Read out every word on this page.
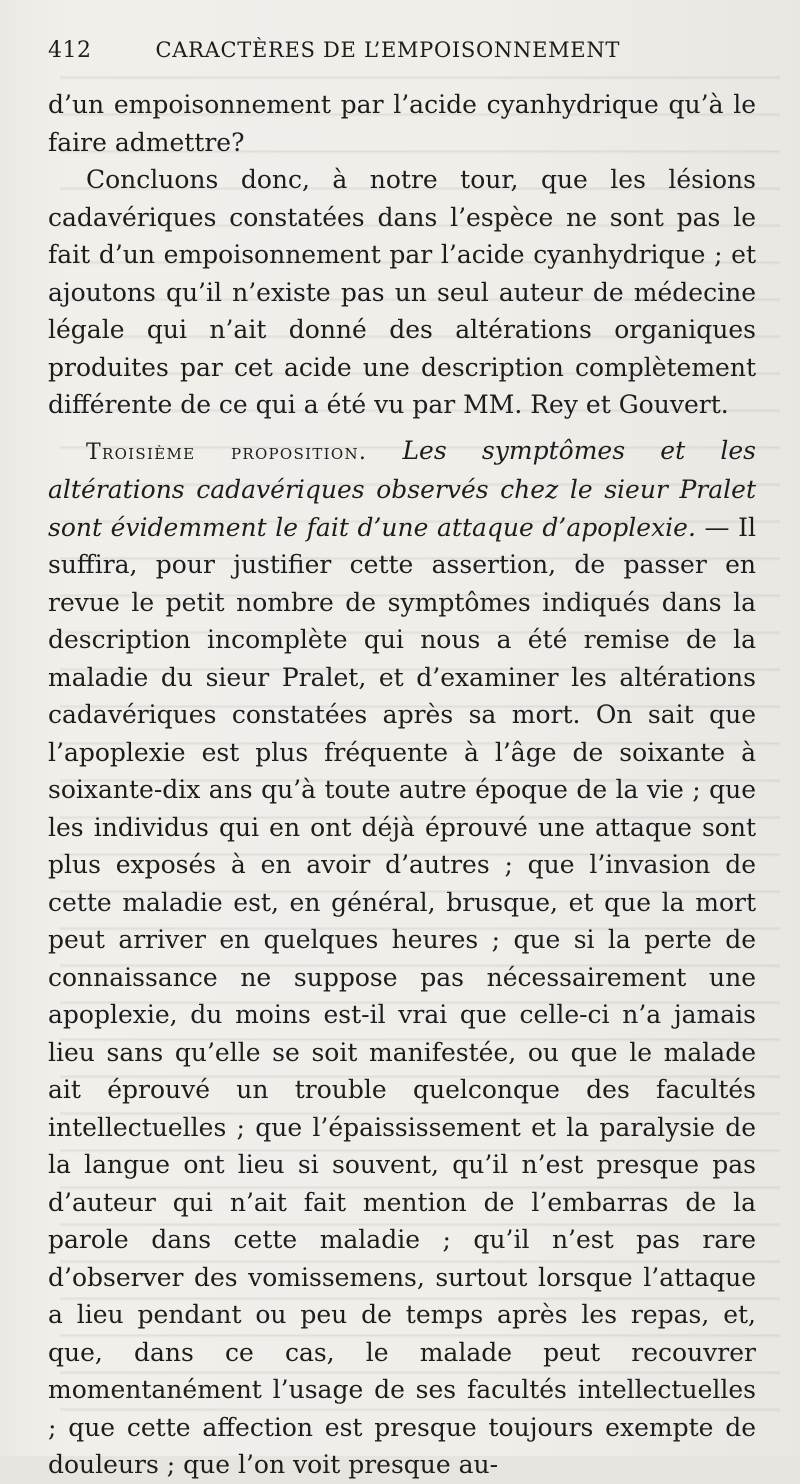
412	CARACTÈRES DE L’EMPOISONNEMENT

d’un empoisonnement par l’acide cyanhydrique qu’à le faire admettre?

Concluons donc, à notre tour, que les lésions cadavériques constatées dans l’espèce ne sont pas le fait d’un empoisonnement par l’acide cyanhydrique ; et ajoutons qu’il n’existe pas un seul auteur de médecine légale qui n’ait donné des altérations organiques produites par cet acide une description complètement différente de ce qui a été vu par MM. Rey et Gouvert.

Troisième proposition. Les symptômes et les altérations cadavériques observés chez le sieur Pralet sont évidemment le fait d’une attaque d’apoplexie. — Il suffira, pour justifier cette assertion, de passer en revue le petit nombre de symptômes indiqués dans la description incomplète qui nous a été remise de la maladie du sieur Pralet, et d’examiner les altérations cadavériques constatées après sa mort. On sait que l’apoplexie est plus fréquente à l’âge de soixante à soixante-dix ans qu’à toute autre époque de la vie ; que les individus qui en ont déjà éprouvé une attaque sont plus exposés à en avoir d’autres ; que l’invasion de cette maladie est, en général, brusque, et que la mort peut arriver en quelques heures ; que si la perte de connaissance ne suppose pas nécessairement une apoplexie, du moins est-il vrai que celle-ci n’a jamais lieu sans qu’elle se soit manifestée, ou que le malade ait éprouvé un trouble quelconque des facultés intellectuelles ; que l’épaississement et la paralysie de la langue ont lieu si souvent, qu’il n’est presque pas d’auteur qui n’ait fait mention de l’embarras de la parole dans cette maladie ; qu’il n’est pas rare d’observer des vomissemens, surtout lorsque l’attaque a lieu pendant ou peu de temps après les repas, et, que, dans ce cas, le malade peut recouvrer momentanément l’usage de ses facultés intellectuelles ; que cette affection est presque toujours exempte de douleurs ; que l’on voit presque au-
